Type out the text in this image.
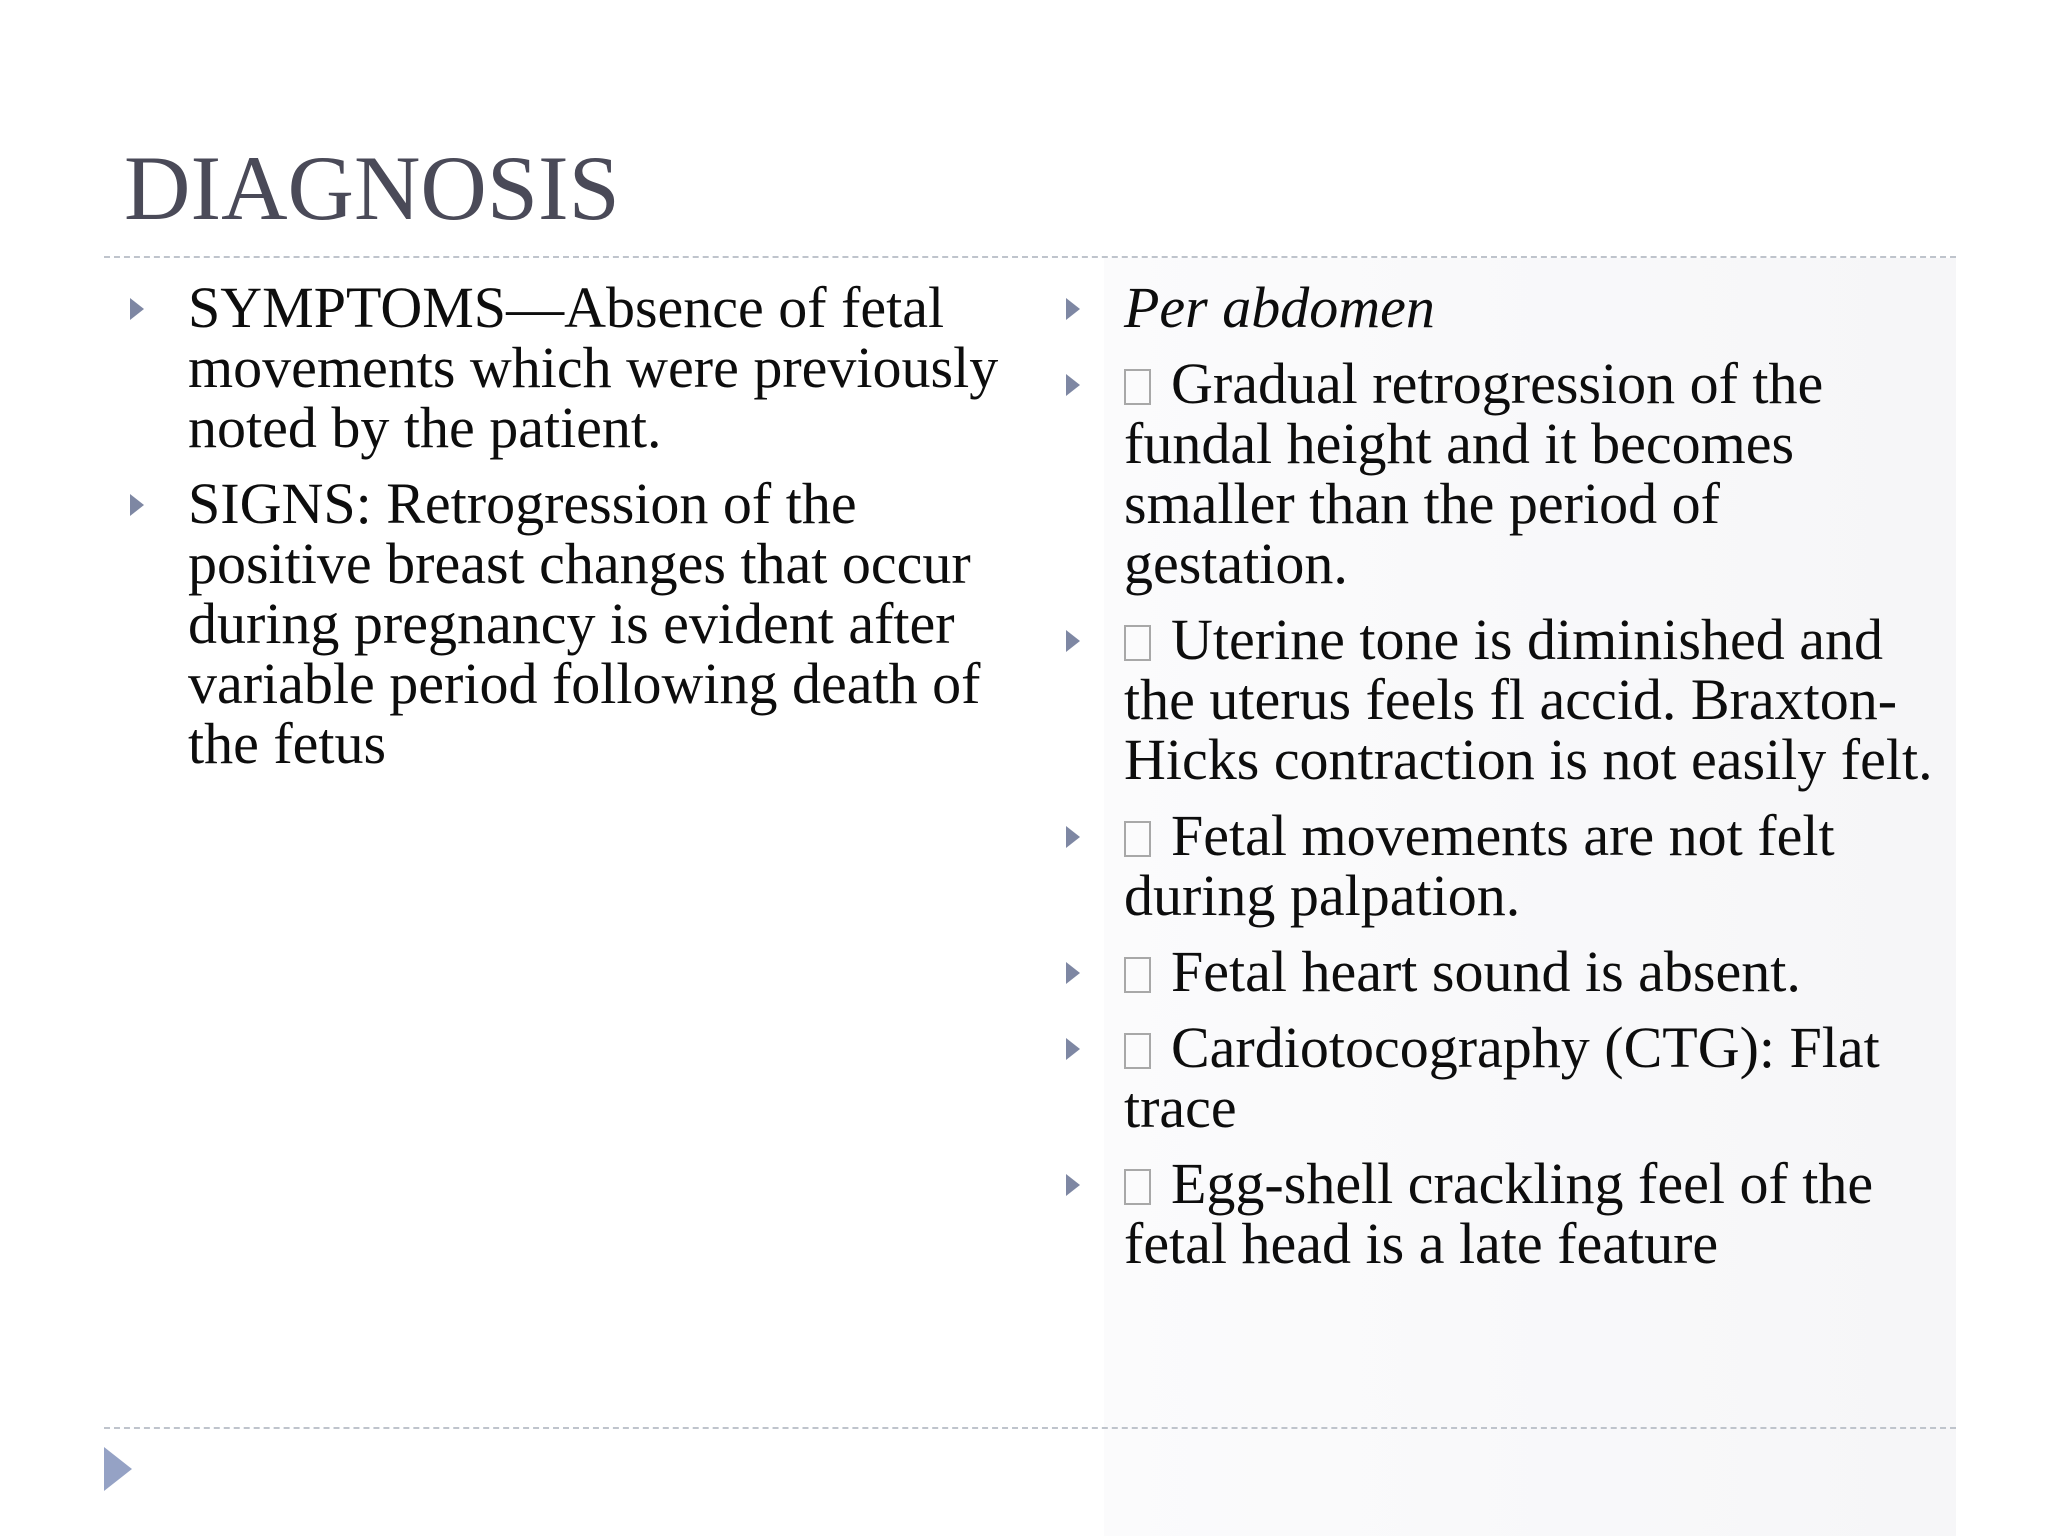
DIAGNOSIS
SYMPTOMS—Absence of fetal movements which were previously noted by the patient.
SIGNS: Retrogression of the positive breast changes that occur during pregnancy is evident after variable period following death of the fetus
Per abdomen
Gradual retrogression of the fundal height and it becomes smaller than the period of gestation.
Uterine tone is diminished and the uterus feels fl accid. Braxton-Hicks contraction is not easily felt.
Fetal movements are not felt during palpation.
Fetal heart sound is absent.
Cardiotocography (CTG): Flat trace
Egg-shell crackling feel of the fetal head is a late feature
